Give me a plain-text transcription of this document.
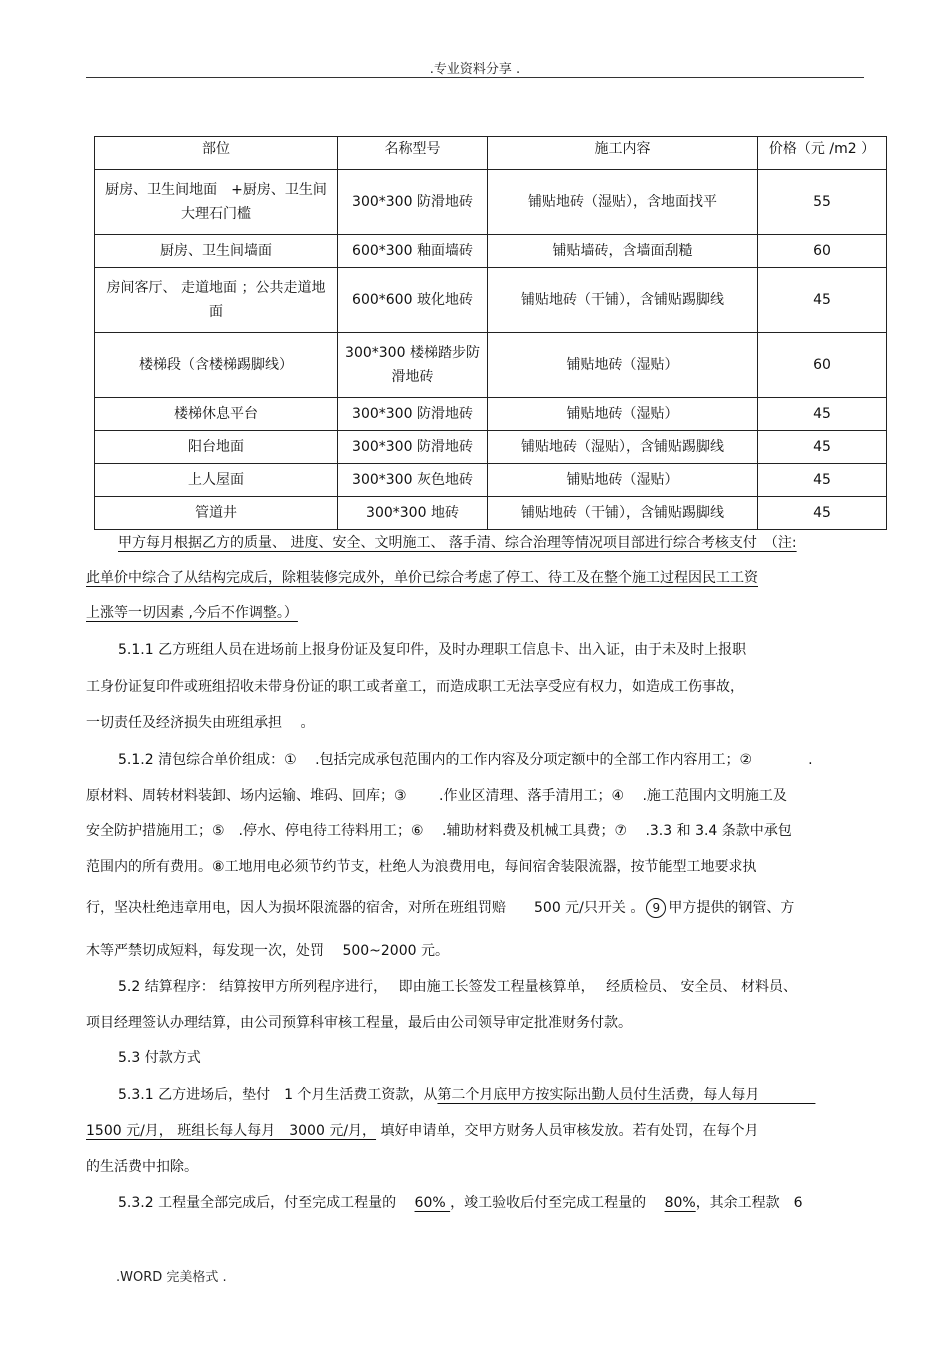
.专业资料分享 .
部位	名称型号	施工内容	价格（元 /m2 ）
厨房、卫生间地面　+厨房、卫生间大理石门槛	300*300 防滑地砖	铺贴地砖（湿贴），含地面找平	55
厨房、卫生间墙面	600*300 釉面墙砖	铺贴墙砖，含墙面刮糙	60
房间客厅、 走道地面 ；公共走道地面	600*600 玻化地砖	铺贴地砖（干铺），含铺贴踢脚线	45
楼梯段（含楼梯踢脚线）	300*300 楼梯踏步防滑地砖	铺贴地砖（湿贴）	60
楼梯休息平台	300*300 防滑地砖	铺贴地砖（湿贴）	45
阳台地面	300*300 防滑地砖	铺贴地砖（湿贴），含铺贴踢脚线	45
上人屋面	300*300 灰色地砖	铺贴地砖（湿贴）	45
管道井	300*300 地砖	铺贴地砖（干铺），含铺贴踢脚线	45

甲方每月根据乙方的质量、 进度、安全、文明施工、 落手清、综合治理等情况项目部进行综合考核支付　（注:

此单价中综合了从结构完成后，除粗装修完成外，单价已综合考虑了停工、待工及在整个施工过程因民工工资

上涨等一切因素 ,今后不作调整。）

5.1.1 乙方班组人员在进场前上报身份证及复印件，及时办理职工信息卡、出入证，由于未及时上报职

工身份证复印件或班组招收未带身份证的职工或者童工，而造成职工无法享受应有权力，如造成工伤事故，

一切责任及经济损失由班组承担　 。

5.1.2 清包综合单价组成：①　 .包括完成承包范围内的工作内容及分项定额中的全部工作内容用工；②　　　　.

原材料、周转材料装卸、场内运输、堆码、回库；③　　 .作业区清理、落手清用工；④　 .施工范围内文明施工及

安全防护措施用工；⑤　.停水、停电待工待料用工；⑥　 .辅助材料费及机械工具费；⑦　 .3.3 和 3.4 条款中承包

范围内的所有费用。⑧工地用电必须节约节支，杜绝人为浪费用电，每间宿舍装限流器，按节能型工地要求执

行，坚决杜绝违章用电，因人为损坏限流器的宿舍，对所在班组罚赔　　500 元/只开关 。 9 甲方提供的钢管、方

木等严禁切成短料，每发现一次，处罚　 500~2000 元。

5.2 结算程序： 结算按甲方所列程序进行，　 即由施工长签发工程量核算单，　 经质检员、 安全员、 材料员、

项目经理签认办理结算，由公司预算科审核工程量，最后由公司领导审定批准财务付款。

5.3 付款方式

5.3.1 乙方进场后，垫付　1 个月生活费工资款，从第二个月底甲方按实际出勤人员付生活费，每人每月　　　　

1500 元/月， 班组长每人每月　3000 元/月， 填好申请单，交甲方财务人员审核发放。若有处罚，在每个月

的生活费中扣除。

5.3.2 工程量全部完成后，付至完成工程量的　 60% ，竣工验收后付至完成工程量的　 80%，其余工程款　6

.WORD 完美格式 .
